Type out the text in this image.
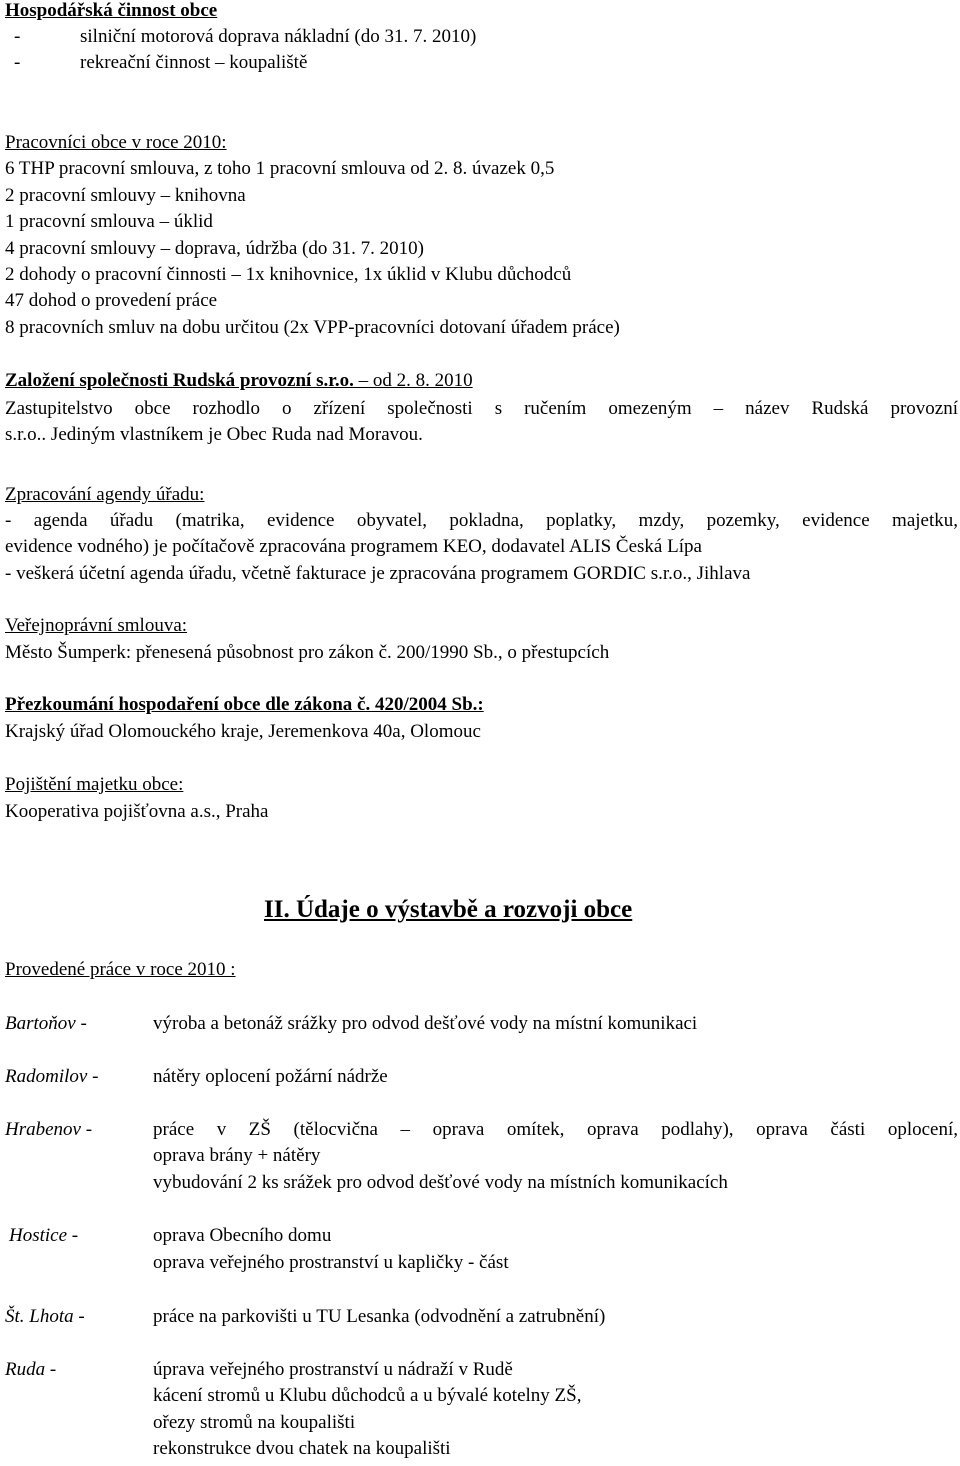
Hospodářská činnost obce
-	silniční motorová doprava nákladní (do 31. 7. 2010)
-	rekreační činnost – koupaliště
Pracovníci obce v roce 2010:
6 THP pracovní smlouva, z toho 1 pracovní smlouva od 2. 8. úvazek 0,5
2 pracovní smlouvy – knihovna
1 pracovní smlouva – úklid
4 pracovní smlouvy – doprava, údržba (do 31. 7. 2010)
2 dohody o pracovní činnosti – 1x knihovnice, 1x úklid v Klubu důchodců
47 dohod o provedení práce
8 pracovních smluv na dobu určitou (2x VPP-pracovníci dotovaní úřadem práce)
Založení společnosti Rudská provozní s.r.o. – od 2. 8. 2010
Zastupitelstvo obce rozhodlo o zřízení společnosti s ručením omezeným – název Rudská provozní
s.r.o.. Jediným vlastníkem je Obec Ruda nad Moravou.
Zpracování agendy úřadu:
- agenda úřadu (matrika, evidence obyvatel, pokladna, poplatky, mzdy, pozemky, evidence majetku,
evidence vodného) je počítačově zpracována programem KEO, dodavatel ALIS Česká Lípa
- veškerá účetní agenda úřadu, včetně fakturace je zpracována programem GORDIC s.r.o., Jihlava
Veřejnoprávní smlouva:
Město Šumperk: přenesená působnost pro zákon č. 200/1990 Sb., o přestupcích
Přezkoumání hospodaření obce dle zákona č. 420/2004 Sb.:
Krajský úřad Olomouckého kraje, Jeremenkova 40a, Olomouc
Pojištění majetku obce:
Kooperativa pojišťovna a.s., Praha
II. Údaje o výstavbě a rozvoji obce
Provedené práce v roce 2010 :
Bartoňov -	výroba a betonáž srážky pro odvod dešťové vody na místní komunikaci
Radomilov -	nátěry oplocení požární nádrže
Hrabenov -	práce v ZŠ (tělocvična – oprava omítek, oprava podlahy), oprava části oplocení,
oprava brány + nátěry
vybudování 2 ks srážek pro odvod dešťové vody na místních komunikacích
Hostice -	oprava Obecního domu
oprava veřejného prostranství u kapličky - část
Št. Lhota -	práce na parkovišti u TU Lesanka (odvodnění a zatrubnění)
Ruda -	úprava veřejného prostranství u nádraží v Rudě
kácení stromů u Klubu důchodců a u bývalé kotelny ZŠ,
ořezy stromů na koupališti
rekonstrukce dvou chatek na koupališti
